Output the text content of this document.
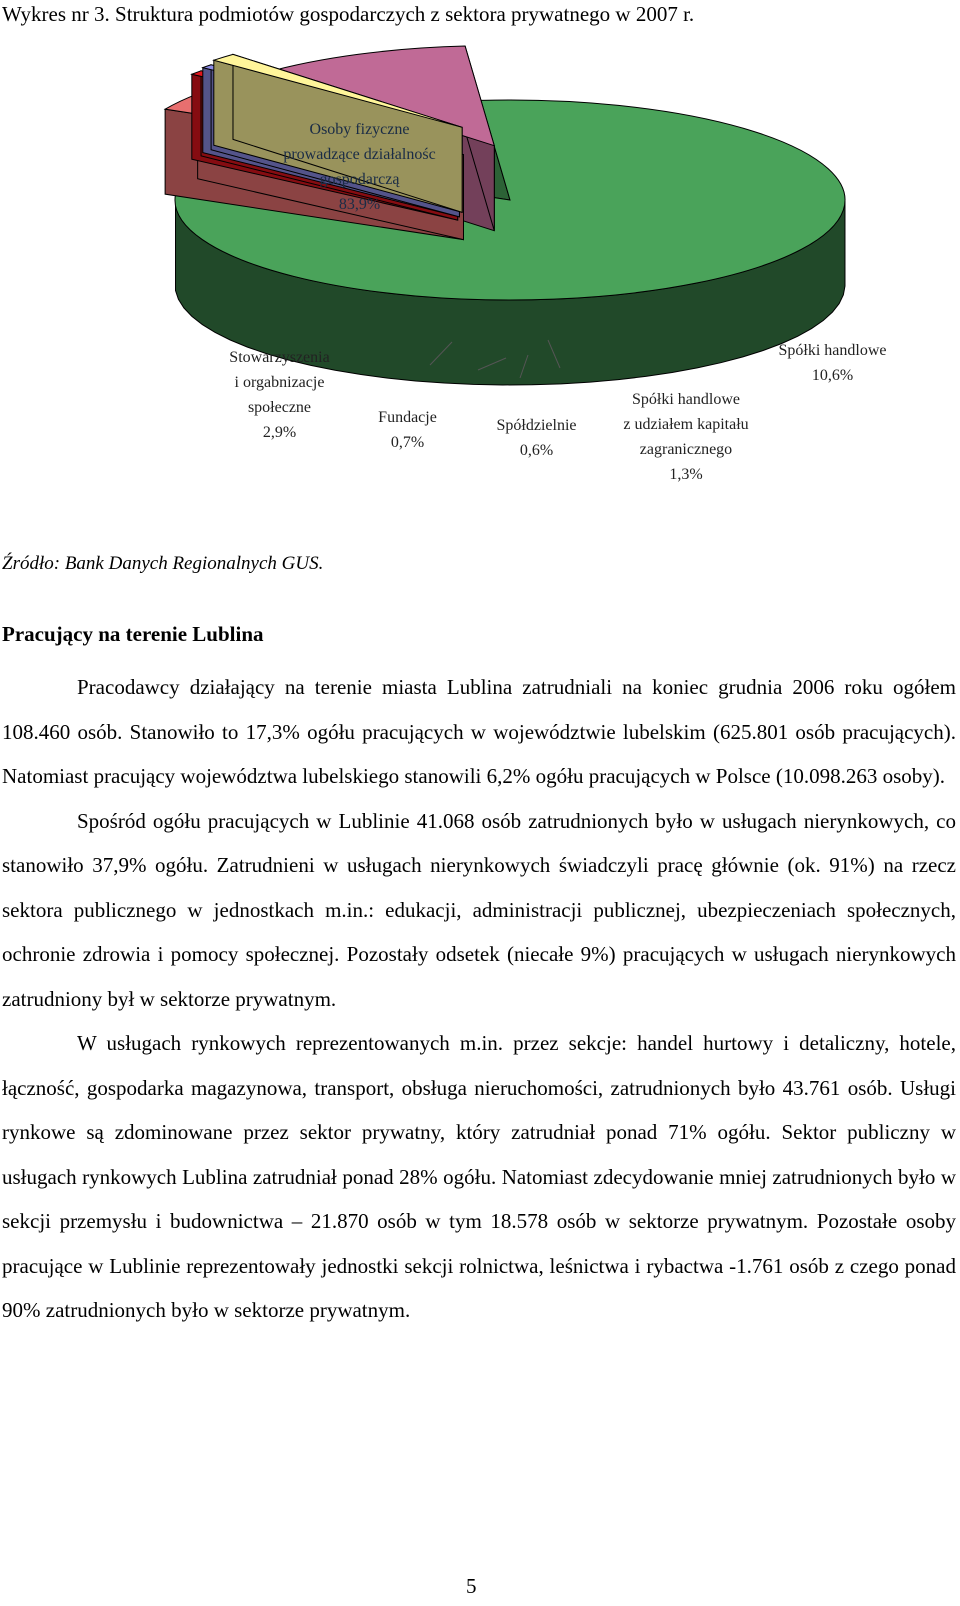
Wykres nr 3. Struktura podmiotów gospodarczych z sektora prywatnego w 2007 r.
Osoby fizyczne
prowadzące działalnośc
gospodarczą
83,9%
Stowarzyszenia
i orgabnizacje
społeczne
2,9%
Fundacje
0,7%
Spółdzielnie
0,6%
Spółki handlowe
z udziałem kapitału
zagranicznego
1,3%
Spółki handlowe
10,6%
Źródło: Bank Danych Regionalnych GUS.
Pracujący na terenie Lublina

Pracodawcy działający na terenie miasta Lublina zatrudniali na koniec grudnia 2006 roku ogółem 108.460 osób. Stanowiło to 17,3% ogółu pracujących w województwie lubelskim (625.801 osób pracujących). Natomiast pracujący województwa lubelskiego stanowili 6,2% ogółu pracujących w Polsce (10.098.263 osoby).

Spośród ogółu pracujących w Lublinie 41.068 osób zatrudnionych było w usługach nierynkowych, co stanowiło 37,9% ogółu. Zatrudnieni w usługach nierynkowych świadczyli pracę głównie (ok. 91%) na rzecz sektora publicznego w jednostkach m.in.: edukacji, administracji publicznej, ubezpieczeniach społecznych, ochronie zdrowia i pomocy społecznej. Pozostały odsetek (niecałe 9%) pracujących w usługach nierynkowych zatrudniony był w sektorze prywatnym.

W usługach rynkowych reprezentowanych m.in. przez sekcje: handel hurtowy i detaliczny, hotele, łączność, gospodarka magazynowa, transport, obsługa nieruchomości, zatrudnionych było 43.761 osób. Usługi rynkowe są zdominowane przez sektor prywatny, który zatrudniał ponad 71% ogółu. Sektor publiczny w usługach rynkowych Lublina zatrudniał ponad 28% ogółu. Natomiast zdecydowanie mniej zatrudnionych było w sekcji przemysłu i budownictwa – 21.870 osób w tym 18.578 osób w sektorze prywatnym. Pozostałe osoby pracujące w Lublinie reprezentowały jednostki sekcji rolnictwa, leśnictwa i rybactwa -1.761 osób z czego ponad 90% zatrudnionych było w sektorze prywatnym.

5
